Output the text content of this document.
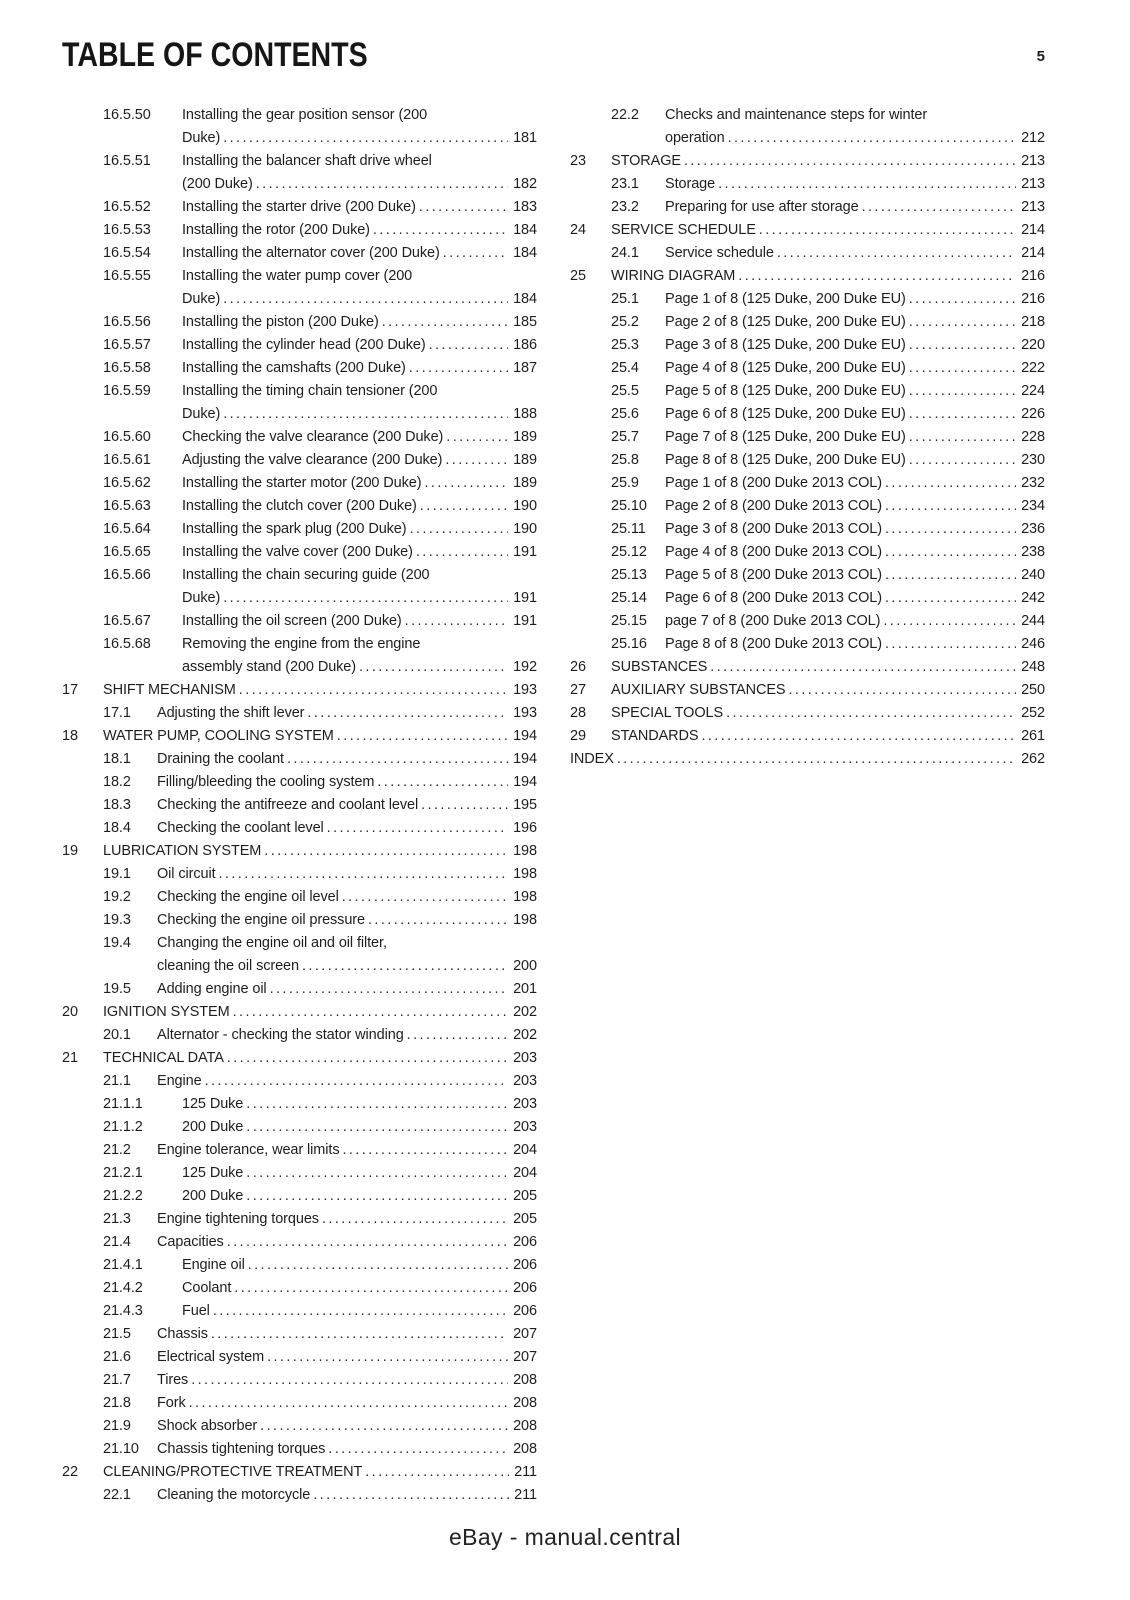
TABLE OF CONTENTS	5
16.5.50	Installing the gear position sensor (200
Duke) .....	181
16.5.51	Installing the balancer shaft drive wheel
(200 Duke) .....	182
16.5.52	Installing the starter drive (200 Duke) .....	183
16.5.53	Installing the rotor (200 Duke) .....	184
16.5.54	Installing the alternator cover (200 Duke) .....	184
16.5.55	Installing the water pump cover (200
Duke) .....	184
16.5.56	Installing the piston (200 Duke) .....	185
16.5.57	Installing the cylinder head (200 Duke) .....	186
16.5.58	Installing the camshafts (200 Duke) .....	187
16.5.59	Installing the timing chain tensioner (200
Duke) .....	188
16.5.60	Checking the valve clearance (200 Duke) .....	189
16.5.61	Adjusting the valve clearance (200 Duke) .....	189
16.5.62	Installing the starter motor (200 Duke) .....	189
16.5.63	Installing the clutch cover (200 Duke) .....	190
16.5.64	Installing the spark plug (200 Duke) .....	190
16.5.65	Installing the valve cover (200 Duke) .....	191
16.5.66	Installing the chain securing guide (200
Duke) .....	191
16.5.67	Installing the oil screen (200 Duke) .....	191
16.5.68	Removing the engine from the engine
assembly stand (200 Duke) .....	192
17	SHIFT MECHANISM .....	193
17.1	Adjusting the shift lever .....	193
18	WATER PUMP, COOLING SYSTEM .....	194
18.1	Draining the coolant .....	194
18.2	Filling/bleeding the cooling system .....	194
18.3	Checking the antifreeze and coolant level .....	195
18.4	Checking the coolant level .....	196
19	LUBRICATION SYSTEM .....	198
19.1	Oil circuit .....	198
19.2	Checking the engine oil level .....	198
19.3	Checking the engine oil pressure .....	198
19.4	Changing the engine oil and oil filter,
cleaning the oil screen .....	200
19.5	Adding engine oil .....	201
20	IGNITION SYSTEM .....	202
20.1	Alternator - checking the stator winding .....	202
21	TECHNICAL DATA .....	203
21.1	Engine .....	203
21.1.1	125 Duke .....	203
21.1.2	200 Duke .....	203
21.2	Engine tolerance, wear limits .....	204
21.2.1	125 Duke .....	204
21.2.2	200 Duke .....	205
21.3	Engine tightening torques .....	205
21.4	Capacities .....	206
21.4.1	Engine oil .....	206
21.4.2	Coolant .....	206
21.4.3	Fuel .....	206
21.5	Chassis .....	207
21.6	Electrical system .....	207
21.7	Tires .....	208
21.8	Fork .....	208
21.9	Shock absorber .....	208
21.10	Chassis tightening torques .....	208
22	CLEANING/PROTECTIVE TREATMENT .....	211
22.1	Cleaning the motorcycle .....	211
22.2	Checks and maintenance steps for winter
operation .....	212
23	STORAGE .....	213
23.1	Storage .....	213
23.2	Preparing for use after storage .....	213
24	SERVICE SCHEDULE .....	214
24.1	Service schedule .....	214
25	WIRING DIAGRAM .....	216
25.1	Page 1 of 8 (125 Duke, 200 Duke EU) .....	216
25.2	Page 2 of 8 (125 Duke, 200 Duke EU) .....	218
25.3	Page 3 of 8 (125 Duke, 200 Duke EU) .....	220
25.4	Page 4 of 8 (125 Duke, 200 Duke EU) .....	222
25.5	Page 5 of 8 (125 Duke, 200 Duke EU) .....	224
25.6	Page 6 of 8 (125 Duke, 200 Duke EU) .....	226
25.7	Page 7 of 8 (125 Duke, 200 Duke EU) .....	228
25.8	Page 8 of 8 (125 Duke, 200 Duke EU) .....	230
25.9	Page 1 of 8 (200 Duke 2013 COL) .....	232
25.10	Page 2 of 8 (200 Duke 2013 COL) .....	234
25.11	Page 3 of 8 (200 Duke 2013 COL) .....	236
25.12	Page 4 of 8 (200 Duke 2013 COL) .....	238
25.13	Page 5 of 8 (200 Duke 2013 COL) .....	240
25.14	Page 6 of 8 (200 Duke 2013 COL) .....	242
25.15	page 7 of 8 (200 Duke 2013 COL) .....	244
25.16	Page 8 of 8 (200 Duke 2013 COL) .....	246
26	SUBSTANCES .....	248
27	AUXILIARY SUBSTANCES .....	250
28	SPECIAL TOOLS .....	252
29	STANDARDS .....	261
INDEX .....	262
eBay - manual.central
